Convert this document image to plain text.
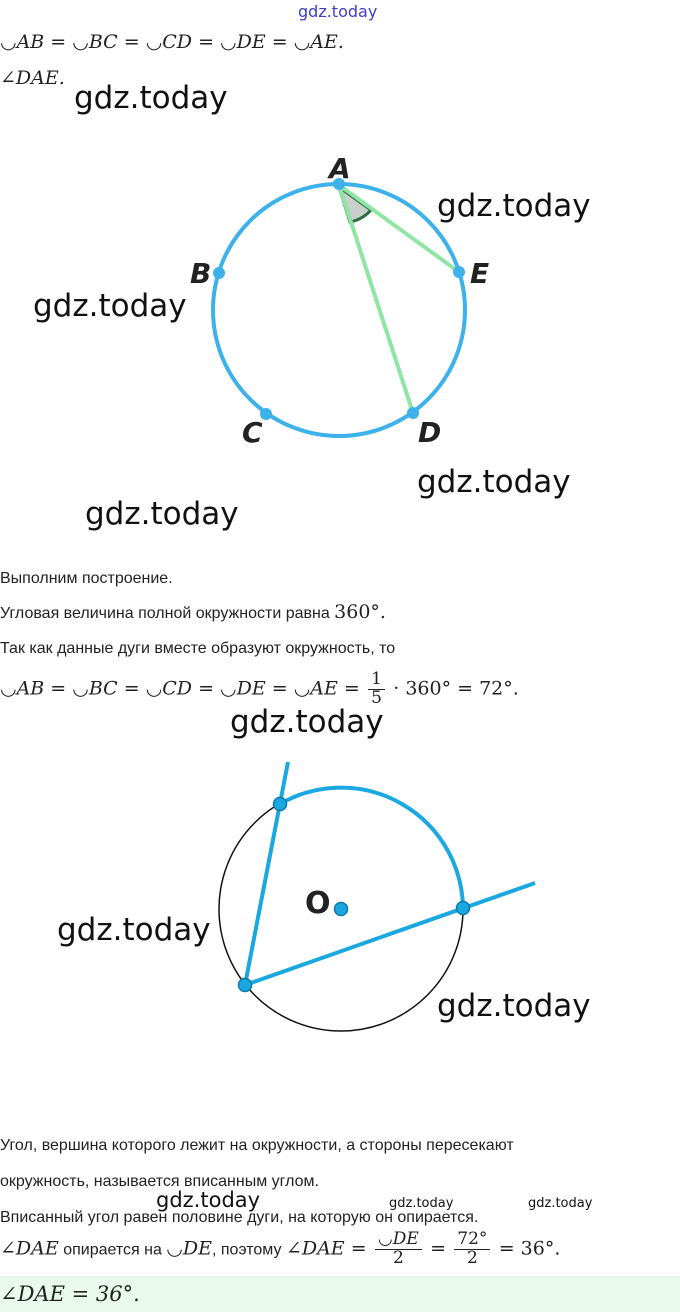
gdz.today
gdz.today
gdz.today
gdz.today
gdz.today
gdz.today
gdz.today
gdz.today
gdz.today
gdz.today	gdz.today	gdz.today
◡AB = ◡BC = ◡CD = ◡DE = ◡AE.
∠DAE.
A
B
C	D
E
Выполним построение.
Угловая величина полной окружности равна 360°.
Так как данные дуги вместе образуют окружность, то
◡AB = ◡BC = ◡CD = ◡DE = ◡AE = $\frac{1}{5} \cdot 360^\circ = 72^\circ$.
O
Угол, вершина которого лежит на окружности, а стороны пересекают
окружность, называется вписанным углом.
Вписанный угол равен половине дуги, на которую он опирается.
∠DAE опирается на ◡DE, поэтому ∠DAE = $\frac{◡DE}{2} = \frac{72^\circ}{2} = 36^\circ$.
∠DAE = 36°.
